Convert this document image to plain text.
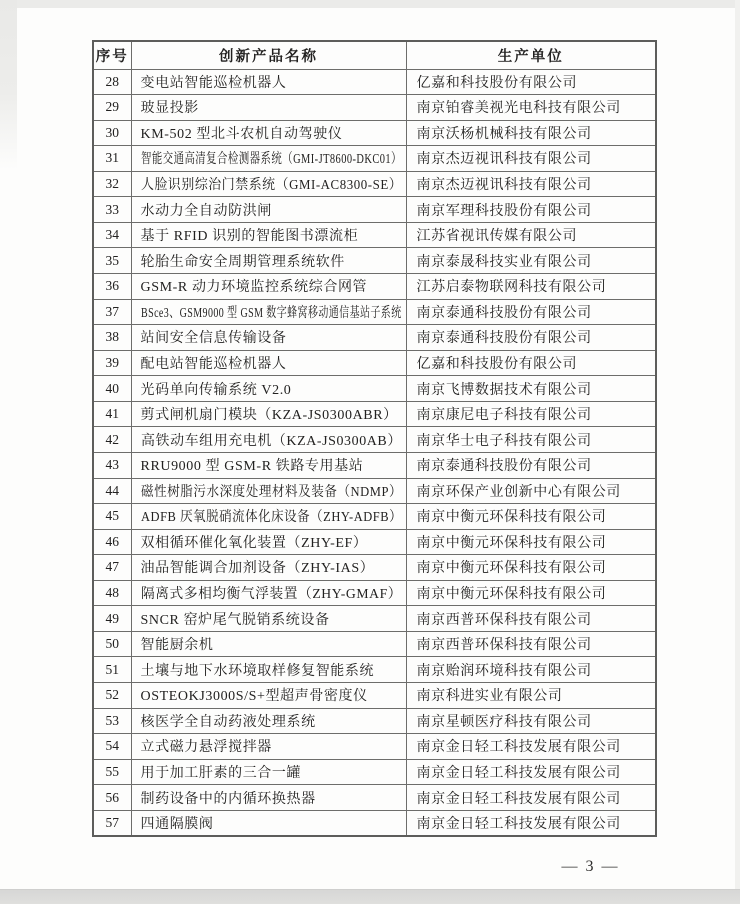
序号	创新产品名称	生产单位
28	变电站智能巡检机器人	亿嘉和科技股份有限公司
29	玻显投影	南京铂睿美视光电科技有限公司
30	KM-502 型北斗农机自动驾驶仪	南京沃杨机械科技有限公司
31	智能交通高清复合检测器系统（GMI-JT8600-DKC01）	南京杰迈视讯科技有限公司
32	人脸识别综治门禁系统（GMI-AC8300-SE）	南京杰迈视讯科技有限公司
33	水动力全自动防洪闸	南京军理科技股份有限公司
34	基于 RFID 识别的智能图书漂流柜	江苏省视讯传媒有限公司
35	轮胎生命安全周期管理系统软件	南京泰晟科技实业有限公司
36	GSM-R 动力环境监控系统综合网管	江苏启泰物联网科技有限公司
37	BSce3、GSM9000 型 GSM 数字蜂窝移动通信基站子系统	南京泰通科技股份有限公司
38	站间安全信息传输设备	南京泰通科技股份有限公司
39	配电站智能巡检机器人	亿嘉和科技股份有限公司
40	光码单向传输系统 V2.0	南京飞博数据技术有限公司
41	剪式闸机扇门模块（KZA-JS0300ABR）	南京康尼电子科技有限公司
42	高铁动车组用充电机（KZA-JS0300AB）	南京华士电子科技有限公司
43	RRU9000 型 GSM-R 铁路专用基站	南京泰通科技股份有限公司
44	磁性树脂污水深度处理材料及装备（NDMP）	南京环保产业创新中心有限公司
45	ADFB 厌氧脱硝流体化床设备（ZHY-ADFB）	南京中衡元环保科技有限公司
46	双相循环催化氧化装置（ZHY-EF）	南京中衡元环保科技有限公司
47	油品智能调合加剂设备（ZHY-IAS）	南京中衡元环保科技有限公司
48	隔离式多相均衡气浮装置（ZHY-GMAF）	南京中衡元环保科技有限公司
49	SNCR 窑炉尾气脱销系统设备	南京西普环保科技有限公司
50	智能厨余机	南京西普环保科技有限公司
51	土壤与地下水环境取样修复智能系统	南京贻润环境科技有限公司
52	OSTEOKJ3000S/S+型超声骨密度仪	南京科进实业有限公司
53	核医学全自动药液处理系统	南京星顿医疗科技有限公司
54	立式磁力悬浮搅拌器	南京金日轻工科技发展有限公司
55	用于加工肝素的三合一罐	南京金日轻工科技发展有限公司
56	制药设备中的内循环换热器	南京金日轻工科技发展有限公司
57	四通隔膜阀	南京金日轻工科技发展有限公司
— 3 —
